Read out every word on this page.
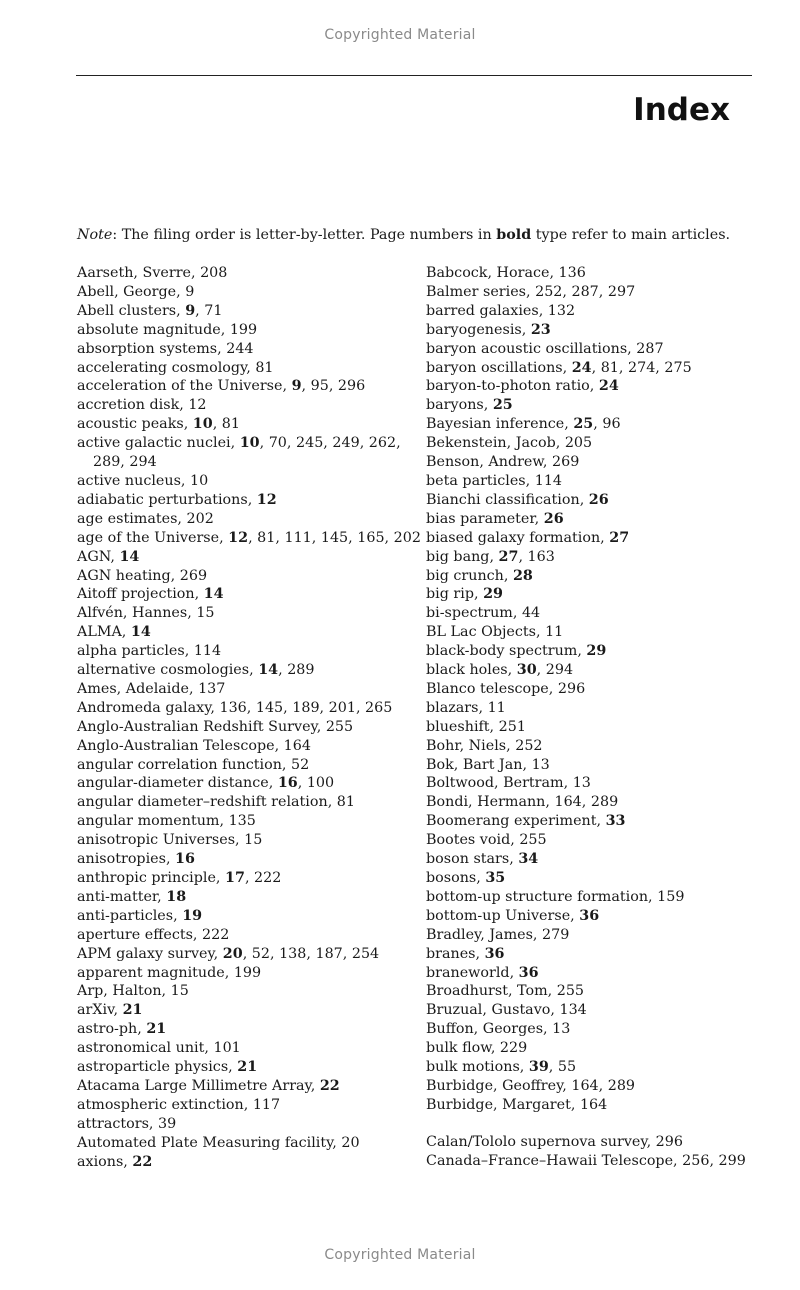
Copyrighted Material
Index
Note: The filing order is letter-by-letter. Page numbers in bold type refer to main articles.
Aarseth, Sverre, 208
Abell, George, 9
Abell clusters, 9, 71
absolute magnitude, 199
absorption systems, 244
accelerating cosmology, 81
acceleration of the Universe, 9, 95, 296
accretion disk, 12
acoustic peaks, 10, 81
active galactic nuclei, 10, 70, 245, 249, 262,
289, 294
active nucleus, 10
adiabatic perturbations, 12
age estimates, 202
age of the Universe, 12, 81, 111, 145, 165, 202
AGN, 14
AGN heating, 269
Aitoff projection, 14
Alfvén, Hannes, 15
ALMA, 14
alpha particles, 114
alternative cosmologies, 14, 289
Ames, Adelaide, 137
Andromeda galaxy, 136, 145, 189, 201, 265
Anglo-Australian Redshift Survey, 255
Anglo-Australian Telescope, 164
angular correlation function, 52
angular-diameter distance, 16, 100
angular diameter–redshift relation, 81
angular momentum, 135
anisotropic Universes, 15
anisotropies, 16
anthropic principle, 17, 222
anti-matter, 18
anti-particles, 19
aperture effects, 222
APM galaxy survey, 20, 52, 138, 187, 254
apparent magnitude, 199
Arp, Halton, 15
arXiv, 21
astro-ph, 21
astronomical unit, 101
astroparticle physics, 21
Atacama Large Millimetre Array, 22
atmospheric extinction, 117
attractors, 39
Automated Plate Measuring facility, 20
axions, 22
Babcock, Horace, 136
Balmer series, 252, 287, 297
barred galaxies, 132
baryogenesis, 23
baryon acoustic oscillations, 287
baryon oscillations, 24, 81, 274, 275
baryon-to-photon ratio, 24
baryons, 25
Bayesian inference, 25, 96
Bekenstein, Jacob, 205
Benson, Andrew, 269
beta particles, 114
Bianchi classification, 26
bias parameter, 26
biased galaxy formation, 27
big bang, 27, 163
big crunch, 28
big rip, 29
bi-spectrum, 44
BL Lac Objects, 11
black-body spectrum, 29
black holes, 30, 294
Blanco telescope, 296
blazars, 11
blueshift, 251
Bohr, Niels, 252
Bok, Bart Jan, 13
Boltwood, Bertram, 13
Bondi, Hermann, 164, 289
Boomerang experiment, 33
Bootes void, 255
boson stars, 34
bosons, 35
bottom-up structure formation, 159
bottom-up Universe, 36
Bradley, James, 279
branes, 36
braneworld, 36
Broadhurst, Tom, 255
Bruzual, Gustavo, 134
Buffon, Georges, 13
bulk flow, 229
bulk motions, 39, 55
Burbidge, Geoffrey, 164, 289
Burbidge, Margaret, 164
Calan/Tololo supernova survey, 296
Canada–France–Hawaii Telescope, 256, 299
Copyrighted Material
